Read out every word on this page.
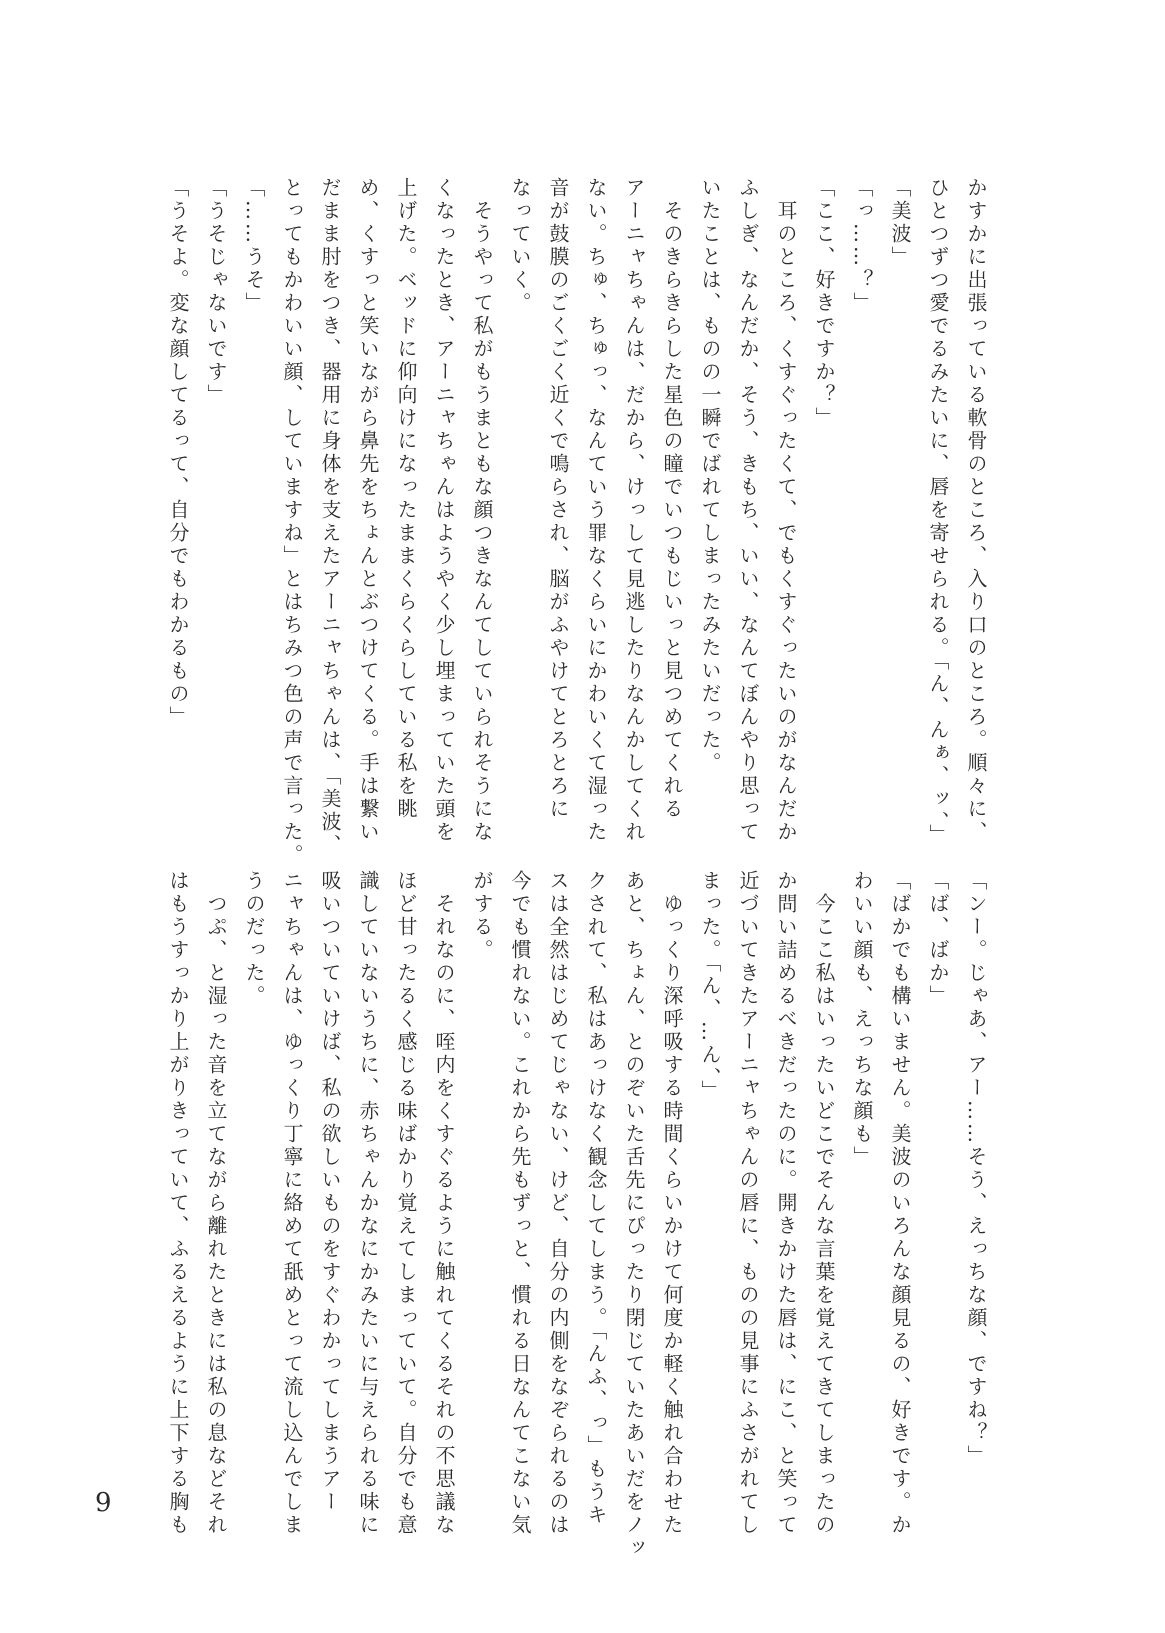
かすかに出張っている軟骨のところ、入り口のところ。順々に、
ひとつずつ愛でるみたいに、唇を寄せられる。「ん、んぁ、ッ、」
「美波」
「っ……？」
「ここ、好きですか？」
　耳のところ、くすぐったくて、でもくすぐったいのがなんだか
ふしぎ、なんだか、そう、きもち、いい、なんてぼんやり思って
いたことは、ものの一瞬でばれてしまったみたいだった。
　そのきらきらした星色の瞳でいつもじいっと見つめてくれる
アーニャちゃんは、だから、けっして見逃したりなんかしてくれ
ない。ちゅ、ちゅっ、なんていう罪なくらいにかわいくて湿った
音が鼓膜のごくごく近くで鳴らされ、脳がふやけてとろとろに
なっていく。
　そうやって私がもうまともな顔つきなんてしていられそうにな
くなったとき、アーニャちゃんはようやく少し埋まっていた頭を
上げた。ベッドに仰向けになったままくらくらしている私を眺
め、くすっと笑いながら鼻先をちょんとぶつけてくる。手は繋い
だまま肘をつき、器用に身体を支えたアーニャちゃんは、「美波、
とってもかわいい顔、していますね」とはちみつ色の声で言った。
「……うそ」
「うそじゃないです」
「うそよ。変な顔してるって、自分でもわかるもの」
「ンー。じゃあ、アー……そう、えっちな顔、ですね？」
「ば、ばか」
「ばかでも構いません。美波のいろんな顔見るの、好きです。か
わいい顔も、えっちな顔も」
　今ここ私はいったいどこでそんな言葉を覚えてきてしまったの
か問い詰めるべきだったのに。開きかけた唇は、にこ、と笑って
近づいてきたアーニャちゃんの唇に、ものの見事にふさがれてし
まった。「ん、…ん、」
　ゆっくり深呼吸する時間くらいかけて何度か軽く触れ合わせた
あと、ちょん、とのぞいた舌先にぴったり閉じていたあいだをノッ
クされて、私はあっけなく観念してしまう。「んふ、っ」もうキ
スは全然はじめてじゃない、けど、自分の内側をなぞられるのは
今でも慣れない。これから先もずっと、慣れる日なんてこない気
がする。
　それなのに、咥内をくすぐるように触れてくるそれの不思議な
ほど甘ったるく感じる味ばかり覚えてしまっていて。自分でも意
識していないうちに、赤ちゃんかなにかみたいに与えられる味に
吸いついていけば、私の欲しいものをすぐわかってしまうアー
ニャちゃんは、ゆっくり丁寧に絡めて舐めとって流し込んでしま
うのだった。
　つぷ、と湿った音を立てながら離れたときには私の息などそれ
はもうすっかり上がりきっていて、ふるえるように上下する胸も
9
